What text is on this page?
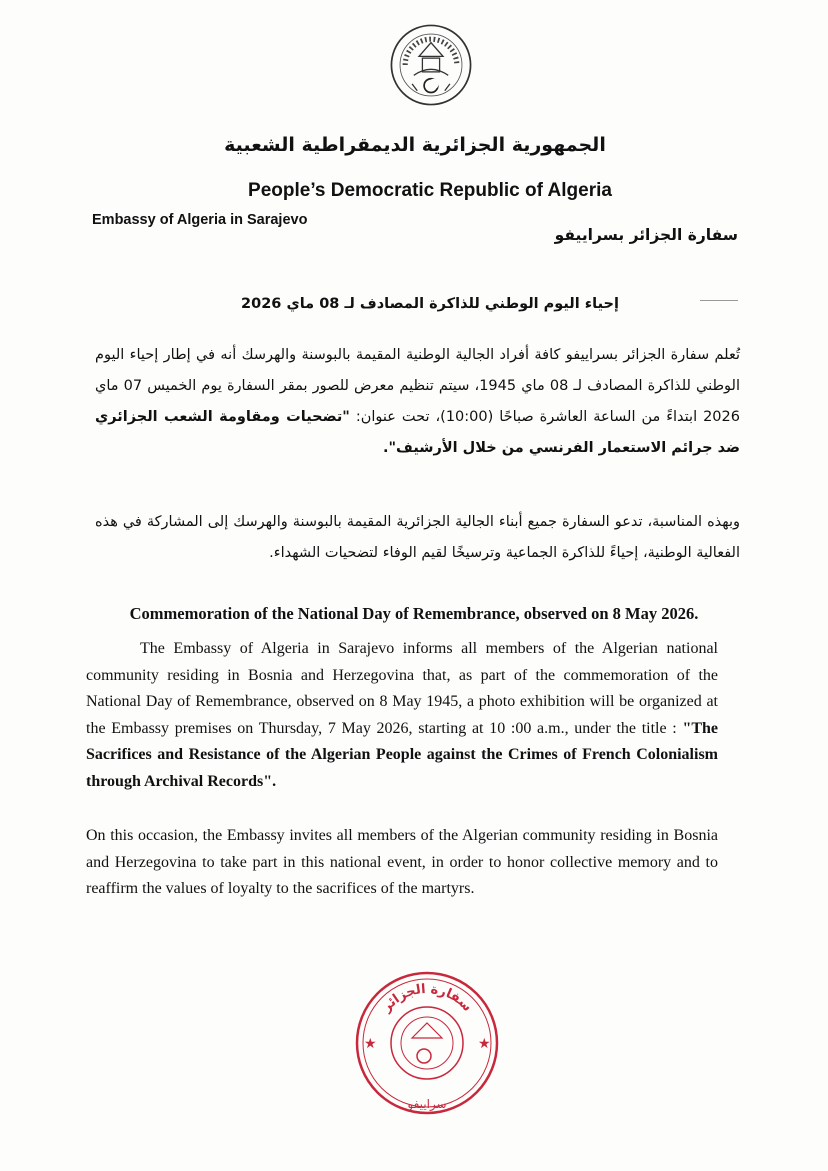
الجمهورية الجزائرية الديمقراطية الشعبية
People’s Democratic Republic of Algeria
Embassy of Algeria in Sarajevo
سفارة الجزائر بسراييفو
إحياء اليوم الوطني للذاكرة المصادف لـ 08 ماي 2026
تُعلم سفارة الجزائر بسراييفو كافة أفراد الجالية الوطنية المقيمة بالبوسنة والهرسك أنه في إطار إحياء اليوم الوطني للذاكرة المصادف لـ 08 ماي 1945، سيتم تنظيم معرض للصور بمقر السفارة يوم الخميس 07 ماي 2026 ابتداءً من الساعة العاشرة صباحًا (10:00)، تحت عنوان: "تضحيات ومقاومة الشعب الجزائري ضد جرائم الاستعمار الفرنسي من خلال الأرشيف".
وبهذه المناسبة، تدعو السفارة جميع أبناء الجالية الجزائرية المقيمة بالبوسنة والهرسك إلى المشاركة في هذه الفعالية الوطنية، إحياءً للذاكرة الجماعية وترسيخًا لقيم الوفاء لتضحيات الشهداء.
Commemoration of the National Day of Remembrance, observed on 8 May 2026.
The Embassy of Algeria in Sarajevo informs all members of the Algerian national community residing in Bosnia and Herzegovina that, as part of the commemoration of the National Day of Remembrance, observed on 8 May 1945, a photo exhibition will be organized at the Embassy premises on Thursday, 7 May 2026, starting at 10 :00 a.m., under the title : "The Sacrifices and Resistance of the Algerian People against the Crimes of French Colonialism through Archival Records".
On this occasion, the Embassy invites all members of the Algerian community residing in Bosnia and Herzegovina to take part in this national event, in order to honor collective memory and to reaffirm the values of loyalty to the sacrifices of the martyrs.
سفارة الجزائر
سراييفو
★	★
